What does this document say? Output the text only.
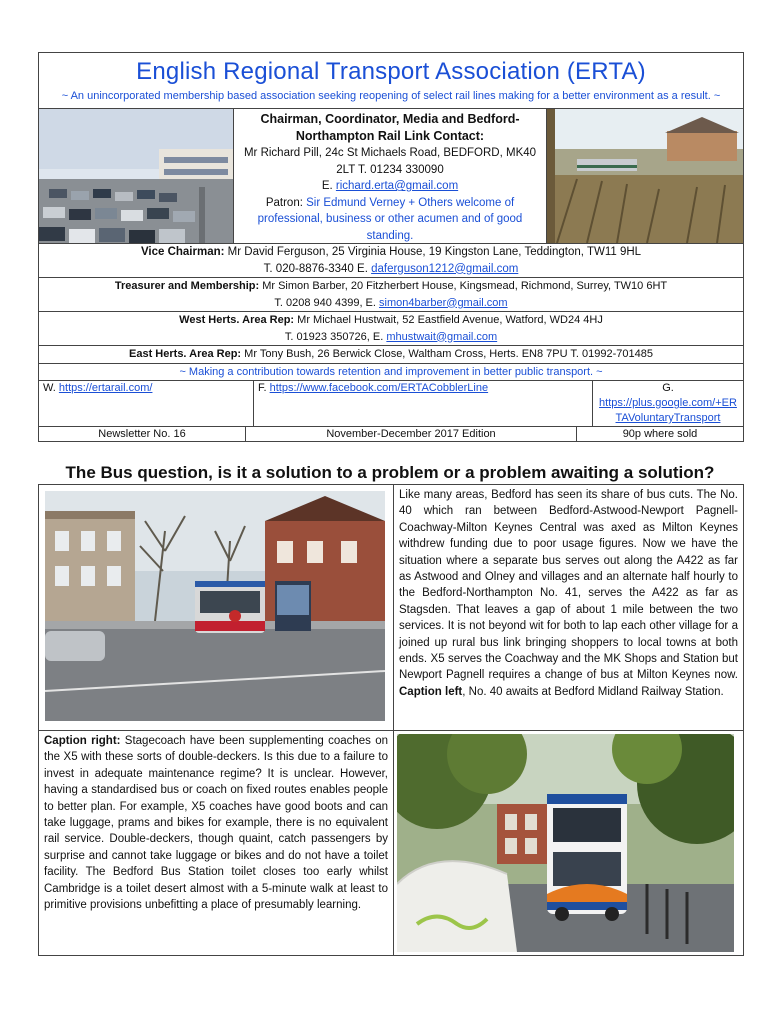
English Regional Transport Association (ERTA)
~ An unincorporated membership based association seeking reopening of select rail lines making for a better environment as a result. ~
Chairman, Coordinator, Media and Bedford-Northampton Rail Link Contact:
Mr Richard Pill, 24c St Michaels Road, BEDFORD, MK40 2LT T. 01234 330090
E. richard.erta@gmail.com
Patron: Sir Edmund Verney + Others welcome of professional, business or other acumen and of good standing.
Vice Chairman: Mr David Ferguson, 25 Virginia House, 19 Kingston Lane, Teddington, TW11 9HL
T. 020-8876-3340 E. daferguson1212@gmail.com
Treasurer and Membership: Mr Simon Barber, 20 Fitzherbert House, Kingsmead, Richmond, Surrey, TW10 6HT
T. 0208 940 4399, E. simon4barber@gmail.com
West Herts. Area Rep: Mr Michael Hustwait, 52 Eastfield Avenue, Watford, WD24 4HJ
T. 01923 350726, E. mhustwait@gmail.com
East Herts. Area Rep: Mr Tony Bush, 26 Berwick Close, Waltham Cross, Herts. EN8 7PU T. 01992-701485
~ Making a contribution towards retention and improvement in better public transport. ~
W. https://ertarail.com/	F. https://www.facebook.com/ERTACobblerLine	G.
https://plus.google.com/+ERTAVoluntaryTransport
Newsletter No. 16	November-December 2017 Edition	90p where sold
The Bus question, is it a solution to a problem or a problem awaiting a solution?
Like many areas, Bedford has seen its share of bus cuts. The No. 40 which ran between Bedford-Astwood-Newport Pagnell-Coachway-Milton Keynes Central was axed as Milton Keynes withdrew funding due to poor usage figures. Now we have the situation where a separate bus serves out along the A422 as far as Astwood and Olney and villages and an alternate half hourly to the Bedford-Northampton No. 41, serves the A422 as far as Stagsden. That leaves a gap of about 1 mile between the two services. It is not beyond wit for both to lap each other village for a joined up rural bus link bringing shoppers to local towns at both ends. X5 serves the Coachway and the MK Shops and Station but Newport Pagnell requires a change of bus at Milton Keynes now. Caption left, No. 40 awaits at Bedford Midland Railway Station.
Caption right: Stagecoach have been supplementing coaches on the X5 with these sorts of double-deckers. Is this due to a failure to invest in adequate maintenance regime? It is unclear. However, having a standardised bus or coach on fixed routes enables people to better plan. For example, X5 coaches have good boots and can take luggage, prams and bikes for example, there is no equivalent rail service. Double-deckers, though quaint, catch passengers by surprise and cannot take luggage or bikes and do not have a toilet facility. The Bedford Bus Station toilet closes too early whilst Cambridge is a toilet desert almost with a 5-minute walk at least to primitive provisions unbefitting a place of presumably learning.
